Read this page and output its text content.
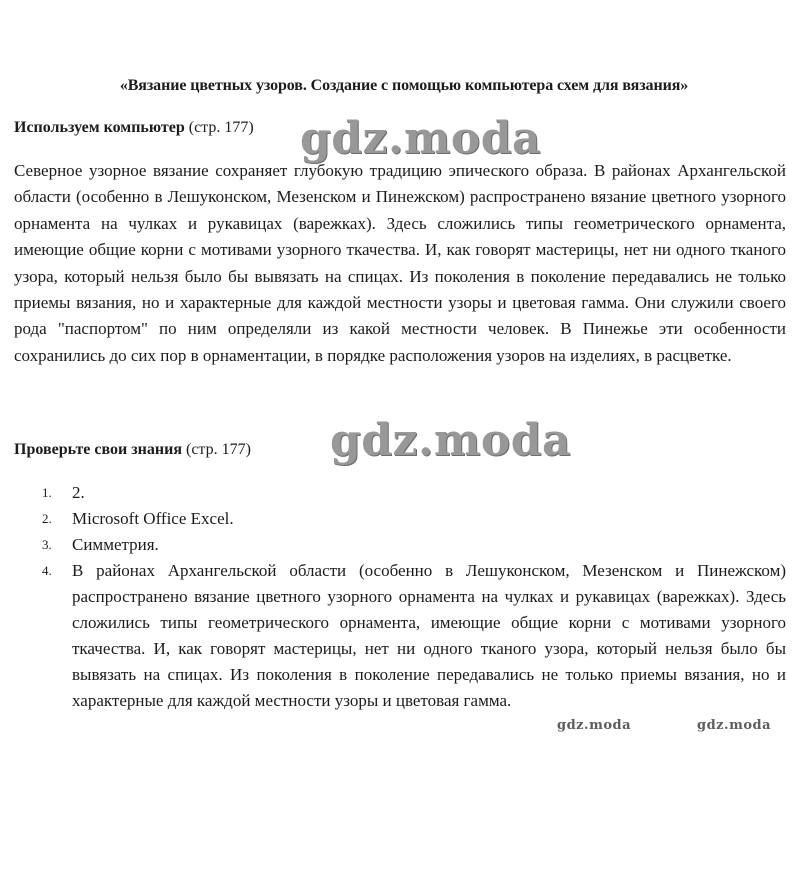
«Вязание цветных узоров. Создание с помощью компьютера схем для вязания»
Используем компьютер (стр. 177)
Северное узорное вязание сохраняет глубокую традицию эпического образа. В районах Архангельской области (особенно в Лешуконском, Мезенском и Пинежском) распространено вязание цветного узорного орнамента на чулках и рукавицах (варежках). Здесь сложились типы геометрического орнамента, имеющие общие корни с мотивами узорного ткачества. И, как говорят мастерицы, нет ни одного тканого узора, который нельзя было бы вывязать на спицах. Из поколения в поколение передавались не только приемы вязания, но и характерные для каждой местности узоры и цветовая гамма. Они служили своего рода "паспортом" по ним определяли из какой местности человек. В Пинежье эти особенности сохранились до сих пор в орнаментации, в порядке расположения узоров на изделиях, в расцветке.
Проверьте свои знания (стр. 177)
1. 2.
2. Microsoft Office Excel.
3. Симметрия.
4. В районах Архангельской области (особенно в Лешуконском, Мезенском и Пинежском) распространено вязание цветного узорного орнамента на чулках и рукавицах (варежках). Здесь сложились типы геометрического орнамента, имеющие общие корни с мотивами узорного ткачества. И, как говорят мастерицы, нет ни одного тканого узора, который нельзя было бы вывязать на спицах. Из поколения в поколение передавались не только приемы вязания, но и характерные для каждой местности узоры и цветовая гамма.
gdz.moda
gdz.moda
gdz.moda	gdz.moda
